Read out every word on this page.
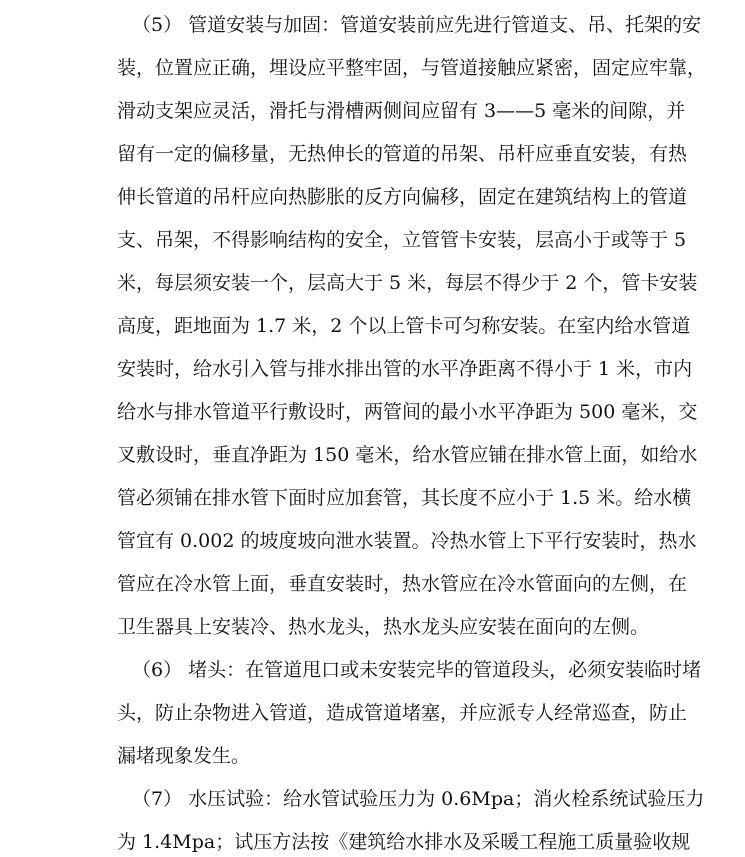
（5） 管道安装与加固：管道安装前应先进行管道支、吊、托架的安
装，位置应正确，埋设应平整牢固，与管道接触应紧密，固定应牢靠，
滑动支架应灵活，滑托与滑槽两侧间应留有 3——5 毫米的间隙，并
留有一定的偏移量，无热伸长的管道的吊架、吊杆应垂直安装，有热
伸长管道的吊杆应向热膨胀的反方向偏移，固定在建筑结构上的管道
支、吊架，不得影响结构的安全，立管管卡安装，层高小于或等于 5
米，每层须安装一个，层高大于 5 米，每层不得少于 2 个，管卡安装
高度，距地面为 1.7 米，2 个以上管卡可匀称安装。在室内给水管道
安装时，给水引入管与排水排出管的水平净距离不得小于 1 米，市内
给水与排水管道平行敷设时，两管间的最小水平净距为 500 毫米，交
叉敷设时，垂直净距为 150 毫米，给水管应铺在排水管上面，如给水
管必须铺在排水管下面时应加套管，其长度不应小于 1.5 米。给水横
管宜有 0.002 的坡度坡向泄水装置。冷热水管上下平行安装时，热水
管应在冷水管上面，垂直安装时，热水管应在冷水管面向的左侧，在
卫生器具上安装冷、热水龙头，热水龙头应安装在面向的左侧。
（6） 堵头：在管道甩口或未安装完毕的管道段头，必须安装临时堵
头，防止杂物进入管道，造成管道堵塞，并应派专人经常巡查，防止
漏堵现象发生。
（7） 水压试验：给水管试验压力为 0.6Mpa；消火栓系统试验压力
为 1.4Mpa；试压方法按《建筑给水排水及采暖工程施工质量验收规
